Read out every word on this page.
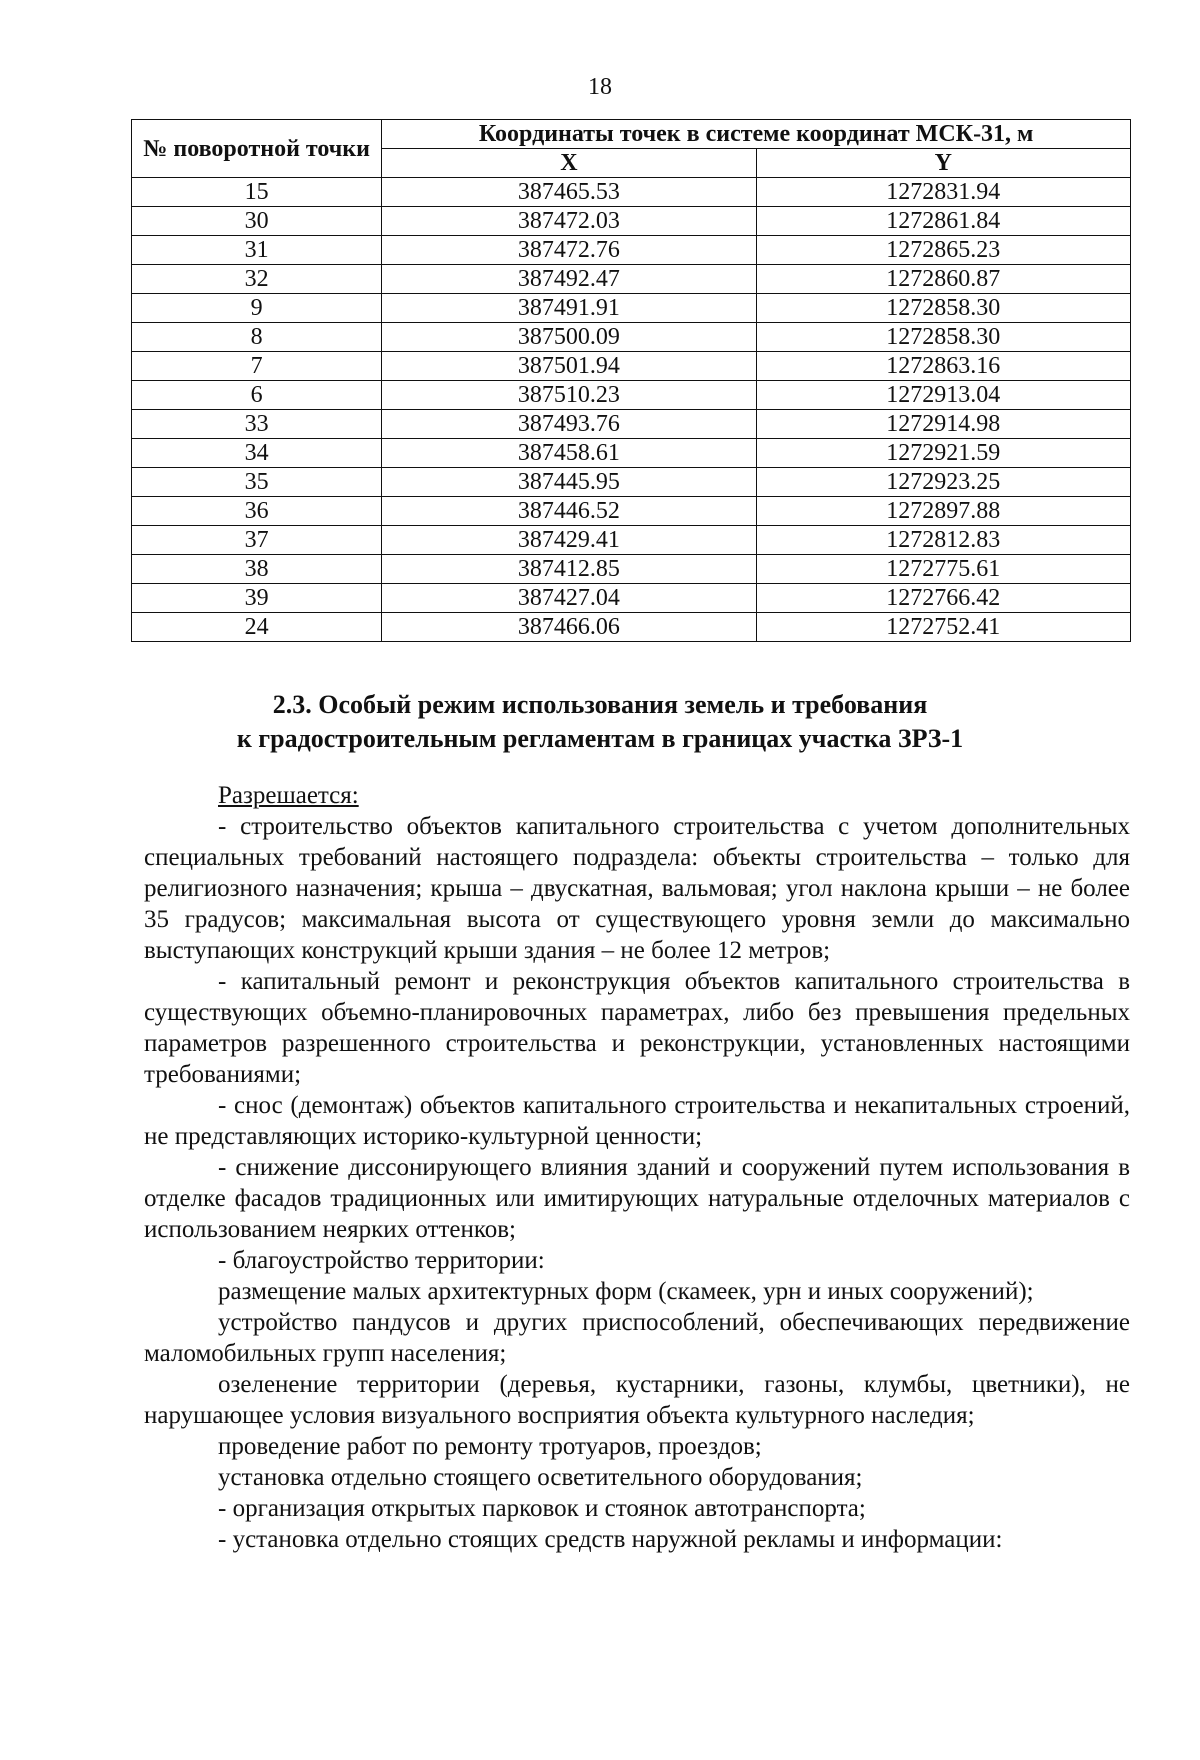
18
№ поворотной точки	Координаты точек в системе координат МСК-31, м	
	X	Y
15	387465.53	1272831.94
30	387472.03	1272861.84
31	387472.76	1272865.23
32	387492.47	1272860.87
9	387491.91	1272858.30
8	387500.09	1272858.30
7	387501.94	1272863.16
6	387510.23	1272913.04
33	387493.76	1272914.98
34	387458.61	1272921.59
35	387445.95	1272923.25
36	387446.52	1272897.88
37	387429.41	1272812.83
38	387412.85	1272775.61
39	387427.04	1272766.42
24	387466.06	1272752.41
2.3. Особый режим использования земель и требования
к градостроительным регламентам в границах участка ЗРЗ-1

Разрешается:

- строительство объектов капитального строительства с учетом дополнительных специальных требований настоящего подраздела: объекты строительства – только для религиозного назначения; крыша – двускатная, вальмовая; угол наклона крыши – не более 35 градусов; максимальная высота от существующего уровня земли до максимально выступающих конструкций крыши здания – не более 12 метров;

- капитальный ремонт и реконструкция объектов капитального строительства в существующих объемно-планировочных параметрах, либо без превышения предельных параметров разрешенного строительства и реконструкции, установленных настоящими требованиями;

- снос (демонтаж) объектов капитального строительства и некапитальных строений, не представляющих историко-культурной ценности;

- снижение диссонирующего влияния зданий и сооружений путем использования в отделке фасадов традиционных или имитирующих натуральные отделочных материалов с использованием неярких оттенков;

- благоустройство территории:

размещение малых архитектурных форм (скамеек, урн и иных сооружений);

устройство пандусов и других приспособлений, обеспечивающих передвижение маломобильных групп населения;

озеленение территории (деревья, кустарники, газоны, клумбы, цветники), не нарушающее условия визуального восприятия объекта культурного наследия;

проведение работ по ремонту тротуаров, проездов;

установка отдельно стоящего осветительного оборудования;

- организация открытых парковок и стоянок автотранспорта;

- установка отдельно стоящих средств наружной рекламы и информации:
